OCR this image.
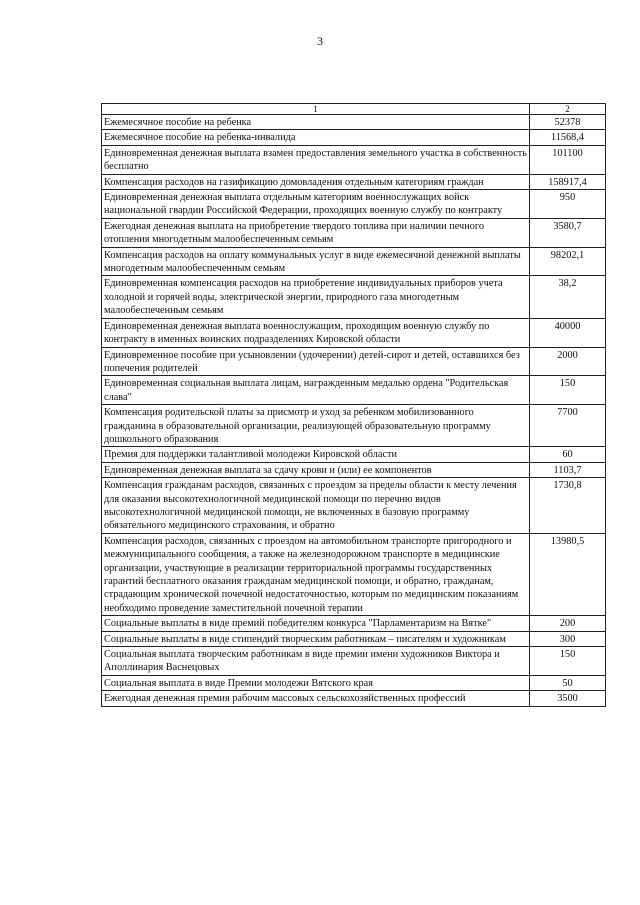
3
1	2
Ежемесячное пособие на ребенка	52378
Ежемесячное пособие на ребенка-инвалида	11568,4
Единовременная денежная выплата взамен предоставления земельного участка в собственность бесплатно	101100
Компенсация расходов на газификацию домовладения отдельным категориям граждан	158917,4
Единовременная денежная выплата отдельным категориям военнослужащих войск национальной гвардии Российской Федерации, проходящих военную службу по контракту	950
Ежегодная денежная выплата на приобретение твердого топлива при наличии печного отопления многодетным малообеспеченным семьям	3580,7
Компенсация расходов на оплату коммунальных услуг в виде ежемесячной денежной выплаты многодетным малообеспеченным семьям	98202,1
Единовременная компенсация расходов на приобретение индивидуальных приборов учета холодной и горячей воды, электрической энергии, природного газа многодетным малообеспеченным семьям	38,2
Единовременная денежная выплата военнослужащим, проходящим военную службу по контракту в именных воинских подразделениях Кировской области	40000
Единовременное пособие при усыновлении (удочерении) детей-сирот и детей, оставшихся без попечения родителей	2000
Единовременная социальная выплата лицам, награжденным медалью ордена "Родительская слава"	150
Компенсация родительской платы за присмотр и уход за ребенком мобилизованного гражданина в образовательной организации, реализующей образовательную программу дошкольного образования	7700
Премия для поддержки талантливой молодежи Кировской области	60
Единовременная денежная выплата за сдачу крови и (или) ее компонентов	1103,7
Компенсация гражданам расходов, связанных с проездом за пределы области к месту лечения для оказания высокотехнологичной медицинской помощи по перечню видов высокотехнологичной медицинской помощи, не включенных в базовую программу обязательного медицинского страхования, и обратно	1730,8
Компенсация расходов, связанных с проездом на автомобильном транспорте пригородного и межмуниципального сообщения, а также на железнодорожном транспорте в медицинские организации, участвующие в реализации территориальной программы государственных гарантий бесплатного оказания гражданам медицинской помощи, и обратно, гражданам, страдающим хронической почечной недостаточностью, которым по медицинским показаниям необходимо проведение заместительной почечной терапии	13980,5
Социальные выплаты в виде премий победителям конкурса "Парламентаризм на Вятке"	200
Социальные выплаты в виде стипендий творческим работникам – писателям и художникам	300
Социальная выплата творческим работникам в виде премии имени художников Виктора и Аполлинария Васнецовых	150
Социальная выплата в виде Премии молодежи Вятского края	50
Ежегодная денежная премия рабочим массовых сельскохозяйственных профессий	3500
